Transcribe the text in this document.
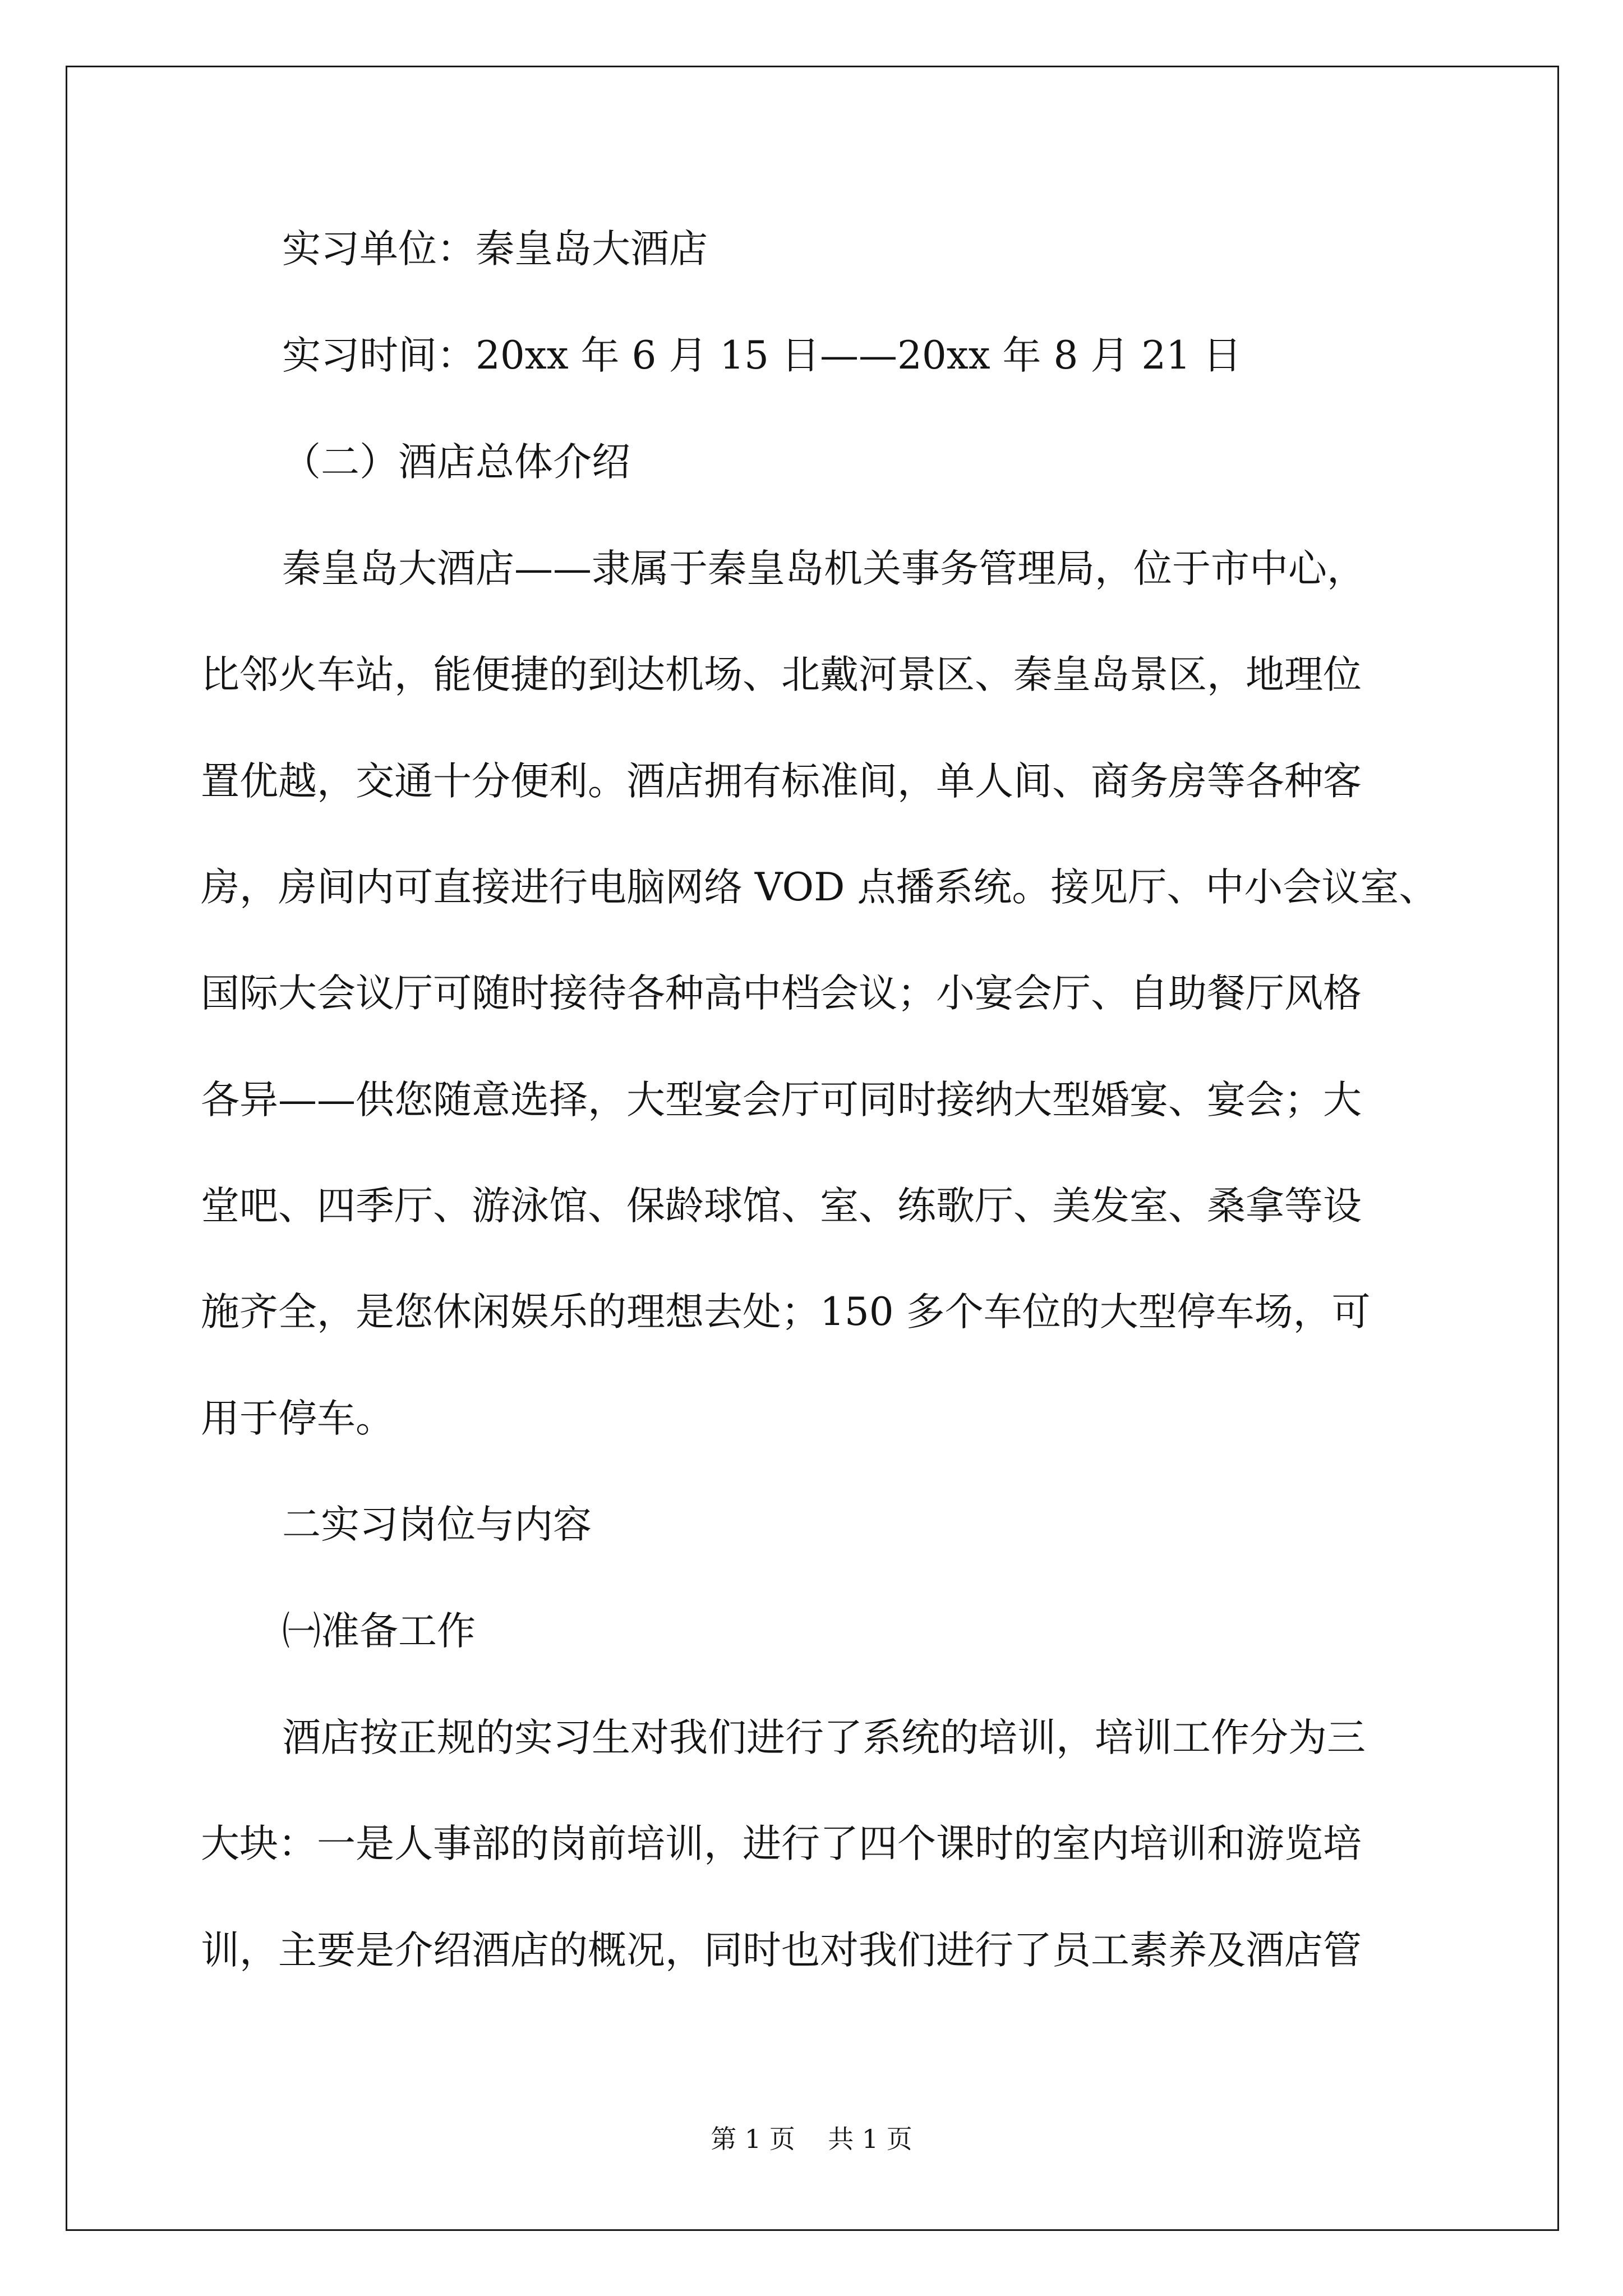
实习单位：秦皇岛大酒店
实习时间：20xx 年 6 月 15 日——20xx 年 8 月 21 日
（二）酒店总体介绍
秦皇岛大酒店——隶属于秦皇岛机关事务管理局，位于市中心，
比邻火车站，能便捷的到达机场、北戴河景区、秦皇岛景区，地理位
置优越，交通十分便利。酒店拥有标准间，单人间、商务房等各种客
房，房间内可直接进行电脑网络 VOD 点播系统。接见厅、中小会议室、
国际大会议厅可随时接待各种高中档会议；小宴会厅、自助餐厅风格
各异——供您随意选择，大型宴会厅可同时接纳大型婚宴、宴会；大
堂吧、四季厅、游泳馆、保龄球馆、室、练歌厅、美发室、桑拿等设
施齐全，是您休闲娱乐的理想去处；150 多个车位的大型停车场，可
用于停车。
二实习岗位与内容
㈠准备工作
酒店按正规的实习生对我们进行了系统的培训，培训工作分为三
大块：一是人事部的岗前培训，进行了四个课时的室内培训和游览培
训，主要是介绍酒店的概况，同时也对我们进行了员工素养及酒店管
第 1 页    共 1 页
